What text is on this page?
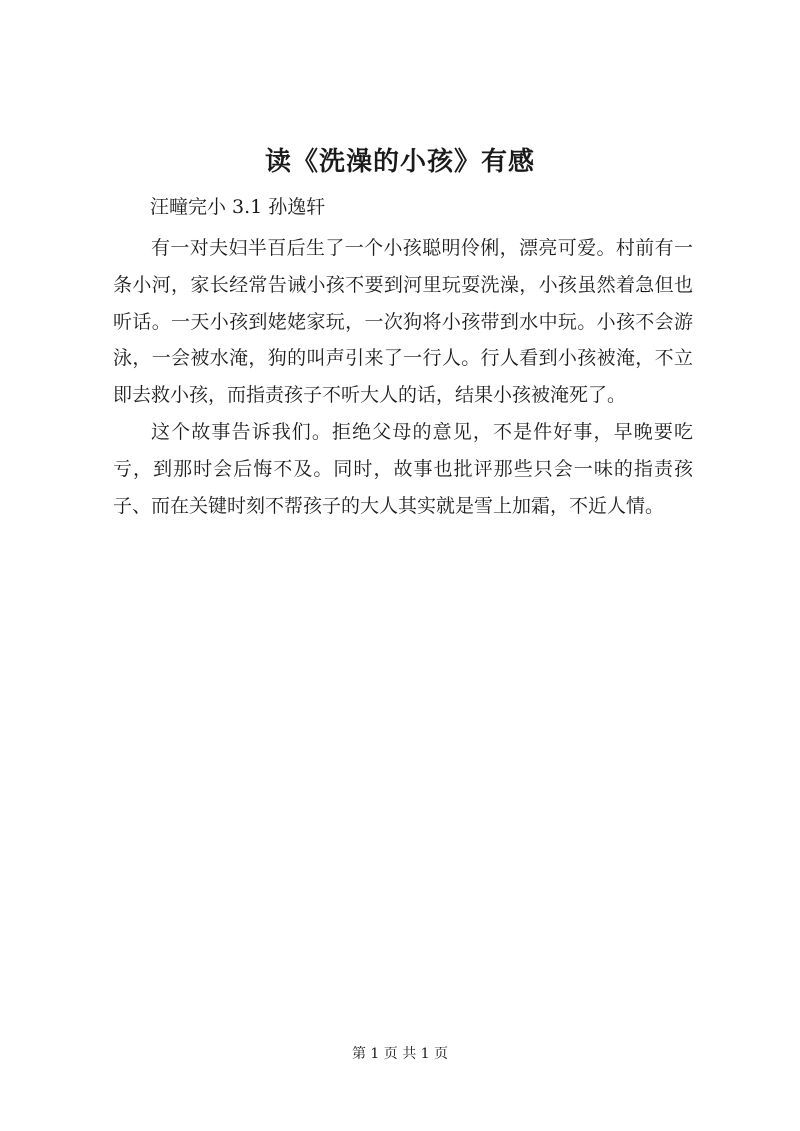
读《洗澡的小孩》有感
汪疃完小 3.1 孙逸轩

有一对夫妇半百后生了一个小孩聪明伶俐，漂亮可爱。村前有一条小河，家长经常告诫小孩不要到河里玩耍洗澡，小孩虽然着急但也听话。一天小孩到姥姥家玩，一次狗将小孩带到水中玩。小孩不会游泳，一会被水淹，狗的叫声引来了一行人。行人看到小孩被淹，不立即去救小孩，而指责孩子不听大人的话，结果小孩被淹死了。

这个故事告诉我们。拒绝父母的意见，不是件好事，早晚要吃亏，到那时会后悔不及。同时，故事也批评那些只会一味的指责孩子、而在关键时刻不帮孩子的大人其实就是雪上加霜，不近人情。

第 1 页 共 1 页
